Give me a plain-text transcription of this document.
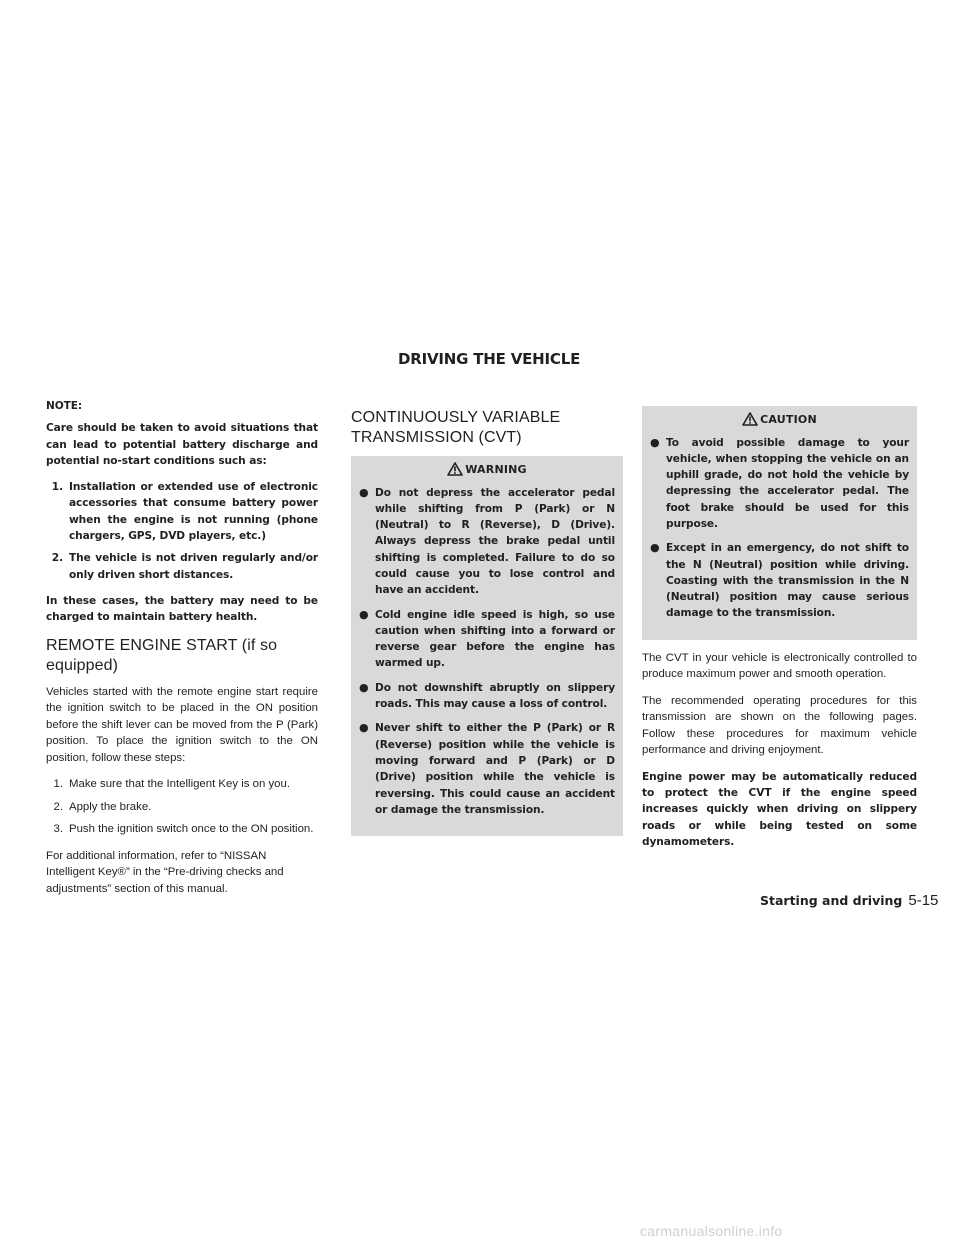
DRIVING THE VEHICLE

NOTE:

Care should be taken to avoid situations that can lead to potential battery discharge and potential no-start conditions such as:

1. Installation or extended use of electronic accessories that consume battery power when the engine is not running (phone chargers, GPS, DVD players, etc.)
2. The vehicle is not driven regularly and/or only driven short distances.

In these cases, the battery may need to be charged to maintain battery health.

REMOTE ENGINE START (if so equipped)

Vehicles started with the remote engine start require the ignition switch to be placed in the ON position before the shift lever can be moved from the P (Park) position. To place the ignition switch to the ON position, follow these steps:

1. Make sure that the Intelligent Key is on you.
2. Apply the brake.
3. Push the ignition switch once to the ON position.

For additional information, refer to “NISSAN Intelligent Key®” in the “Pre-driving checks and adjustments” section of this manual.

CONTINUOUSLY VARIABLE TRANSMISSION (CVT)
WARNING
● Do not depress the accelerator pedal while shifting from P (Park) or N (Neutral) to R (Reverse), D (Drive). Always depress the brake pedal until shifting is completed. Failure to do so could cause you to lose control and have an accident.
● Cold engine idle speed is high, so use caution when shifting into a forward or reverse gear before the engine has warmed up.
● Do not downshift abruptly on slippery roads. This may cause a loss of control.
● Never shift to either the P (Park) or R (Reverse) position while the vehicle is moving forward and P (Park) or D (Drive) position while the vehicle is reversing. This could cause an accident or damage the transmission.
CAUTION
● To avoid possible damage to your vehicle, when stopping the vehicle on an uphill grade, do not hold the vehicle by depressing the accelerator pedal. The foot brake should be used for this purpose.
● Except in an emergency, do not shift to the N (Neutral) position while driving. Coasting with the transmission in the N (Neutral) position may cause serious damage to the transmission.

The CVT in your vehicle is electronically controlled to produce maximum power and smooth operation.

The recommended operating procedures for this transmission are shown on the following pages. Follow these procedures for maximum vehicle performance and driving enjoyment.

Engine power may be automatically reduced to protect the CVT if the engine speed increases quickly when driving on slippery roads or while being tested on some dynamometers.

Starting and driving 5-15
carmanualsonline.info
